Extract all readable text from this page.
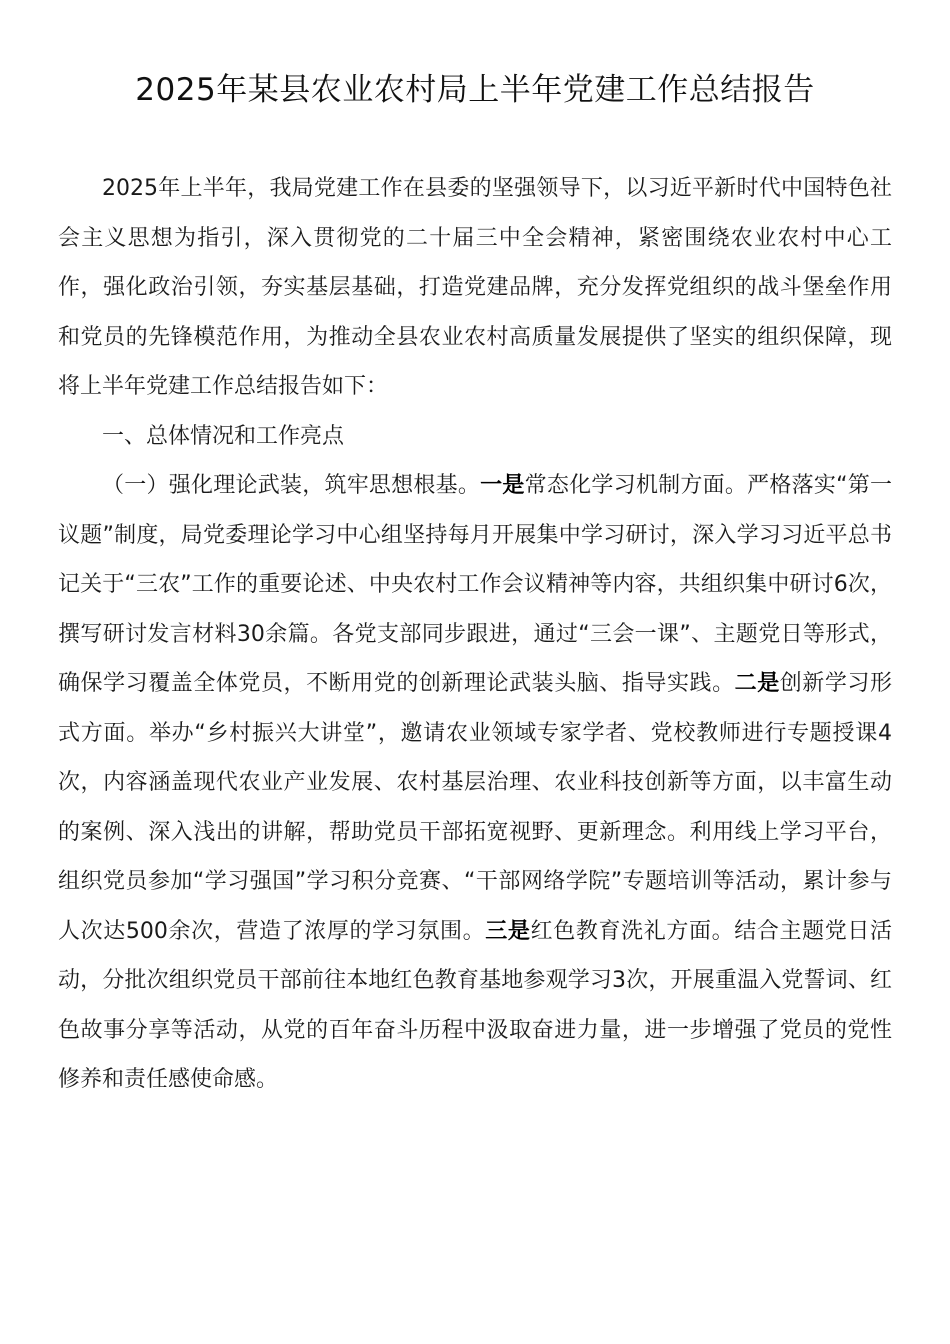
2025年某县农业农村局上半年党建工作总结报告

2025年上半年，我局党建工作在县委的坚强领导下，以习近平新时代中国特色社会主义思想为指引，深入贯彻党的二十届三中全会精神，紧密围绕农业农村中心工作，强化政治引领，夯实基层基础，打造党建品牌，充分发挥党组织的战斗堡垒作用和党员的先锋模范作用，为推动全县农业农村高质量发展提供了坚实的组织保障，现将上半年党建工作总结报告如下：

一、总体情况和工作亮点

（一）强化理论武装，筑牢思想根基。一是常态化学习机制方面。严格落实“第一议题”制度，局党委理论学习中心组坚持每月开展集中学习研讨，深入学习习近平总书记关于“三农”工作的重要论述、中央农村工作会议精神等内容，共组织集中研讨6次，撰写研讨发言材料30余篇。各党支部同步跟进，通过“三会一课”、主题党日等形式，确保学习覆盖全体党员，不断用党的创新理论武装头脑、指导实践。二是创新学习形式方面。举办“乡村振兴大讲堂”，邀请农业领域专家学者、党校教师进行专题授课4次，内容涵盖现代农业产业发展、农村基层治理、农业科技创新等方面，以丰富生动的案例、深入浅出的讲解，帮助党员干部拓宽视野、更新理念。利用线上学习平台，组织党员参加“学习强国”学习积分竞赛、“干部网络学院”专题培训等活动，累计参与人次达500余次，营造了浓厚的学习氛围。三是红色教育洗礼方面。结合主题党日活动，分批次组织党员干部前往本地红色教育基地参观学习3次，开展重温入党誓词、红色故事分享等活动，从党的百年奋斗历程中汲取奋进力量，进一步增强了党员的党性修养和责任感使命感。
